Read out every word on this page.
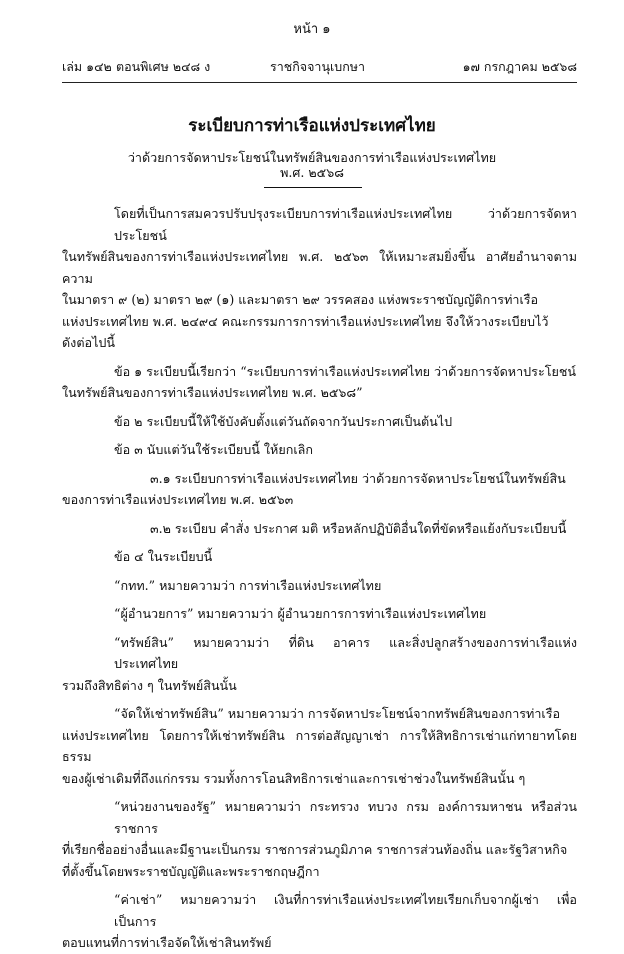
หน้า ๑
เล่ม ๑๔๒ ตอนพิเศษ ๒๔๘ ง	ราชกิจจานุเบกษา	๑๗ กรกฎาคม ๒๕๖๘
ระเบียบการท่าเรือแห่งประเทศไทย
ว่าด้วยการจัดหาประโยชน์ในทรัพย์สินของการท่าเรือแห่งประเทศไทย
พ.ศ. ๒๕๖๘

โดยที่เป็นการสมควรปรับปรุงระเบียบการท่าเรือแห่งประเทศไทย ว่าด้วยการจัดหาประโยชน์

ในทรัพย์สินของการท่าเรือแห่งประเทศไทย พ.ศ. ๒๕๖๓ ให้เหมาะสมยิ่งขึ้น อาศัยอำนาจตามความ

ในมาตรา ๙ (๒) มาตรา ๒๙ (๑) และมาตรา ๒๙ วรรคสอง แห่งพระราชบัญญัติการท่าเรือ

แห่งประเทศไทย พ.ศ. ๒๔๙๔ คณะกรรมการการท่าเรือแห่งประเทศไทย จึงให้วางระเบียบไว้

ดังต่อไปนี้

ข้อ ๑ ระเบียบนี้เรียกว่า “ระเบียบการท่าเรือแห่งประเทศไทย ว่าด้วยการจัดหาประโยชน์

ในทรัพย์สินของการท่าเรือแห่งประเทศไทย พ.ศ. ๒๕๖๘”

ข้อ ๒ ระเบียบนี้ให้ใช้บังคับตั้งแต่วันถัดจากวันประกาศเป็นต้นไป

ข้อ ๓ นับแต่วันใช้ระเบียบนี้ ให้ยกเลิก

๓.๑ ระเบียบการท่าเรือแห่งประเทศไทย ว่าด้วยการจัดหาประโยชน์ในทรัพย์สิน

ของการท่าเรือแห่งประเทศไทย พ.ศ. ๒๕๖๓

๓.๒ ระเบียบ คำสั่ง ประกาศ มติ หรือหลักปฏิบัติอื่นใดที่ขัดหรือแย้งกับระเบียบนี้

ข้อ ๔ ในระเบียบนี้

“กทท.” หมายความว่า การท่าเรือแห่งประเทศไทย

“ผู้อำนวยการ” หมายความว่า ผู้อำนวยการการท่าเรือแห่งประเทศไทย

“ทรัพย์สิน” หมายความว่า ที่ดิน อาคาร และสิ่งปลูกสร้างของการท่าเรือแห่งประเทศไทย

รวมถึงสิทธิต่าง ๆ ในทรัพย์สินนั้น

“จัดให้เช่าทรัพย์สิน” หมายความว่า การจัดหาประโยชน์จากทรัพย์สินของการท่าเรือ

แห่งประเทศไทย โดยการให้เช่าทรัพย์สิน การต่อสัญญาเช่า การให้สิทธิการเช่าแก่ทายาทโดยธรรม

ของผู้เช่าเดิมที่ถึงแก่กรรม รวมทั้งการโอนสิทธิการเช่าและการเช่าช่วงในทรัพย์สินนั้น ๆ

“หน่วยงานของรัฐ” หมายความว่า กระทรวง ทบวง กรม องค์การมหาชน หรือส่วนราชการ

ที่เรียกชื่ออย่างอื่นและมีฐานะเป็นกรม ราชการส่วนภูมิภาค ราชการส่วนท้องถิ่น และรัฐวิสาหกิจ

ที่ตั้งขึ้นโดยพระราชบัญญัติและพระราชกฤษฎีกา

“ค่าเช่า” หมายความว่า เงินที่การท่าเรือแห่งประเทศไทยเรียกเก็บจากผู้เช่า เพื่อเป็นการ

ตอบแทนที่การท่าเรือจัดให้เช่าสินทรัพย์
